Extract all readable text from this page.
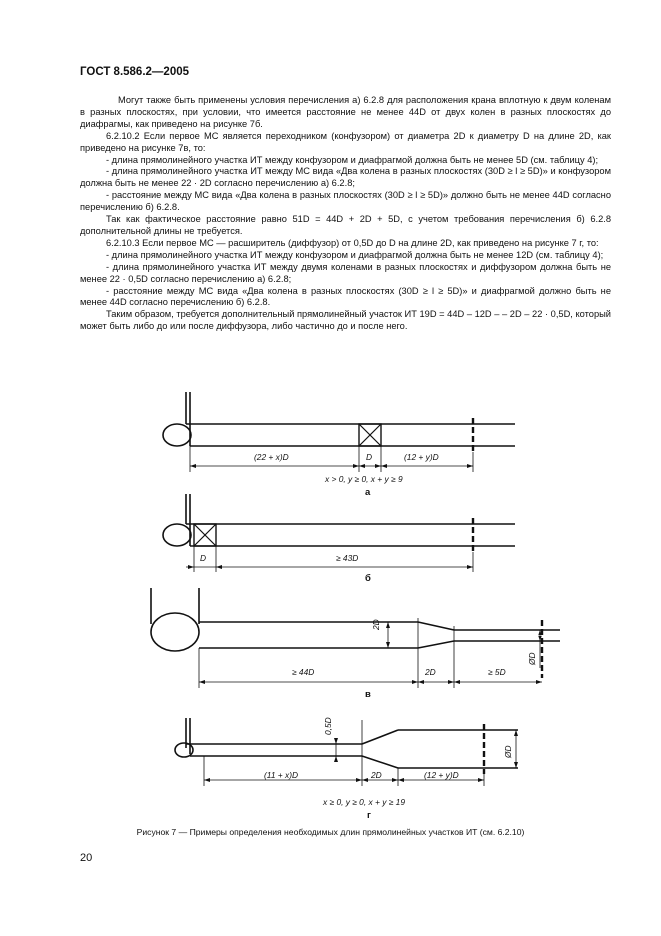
ГОСТ 8.586.2—2005

Могут также быть применены условия перечисления а) 6.2.8 для расположения крана вплотную к двум коленам в разных плоскостях, при условии, что имеется расстояние не менее 44D от двух колен в разных плоскостях до диафрагмы, как приведено на рисунке 7б.

6.2.10.2 Если первое МС является переходником (конфузором) от диаметра 2D к диаметру D на длине 2D, как приведено на рисунке 7в, то:

- длина прямолинейного участка ИТ между конфузором и диафрагмой должна быть не менее 5D (см. таблицу 4);

- длина прямолинейного участка ИТ между МС вида «Два колена в разных плоскостях (30D ≥ l ≥ 5D)» и конфузором должна быть не менее 22 · 2D согласно перечислению а) 6.2.8;

- расстояние между МС вида «Два колена в разных плоскостях (30D ≥ l ≥ 5D)» должно быть не менее 44D согласно перечислению б) 6.2.8.

Так как фактическое расстояние равно 51D = 44D + 2D + 5D, с учетом требования перечисления б) 6.2.8 дополнительной длины не требуется.

6.2.10.3 Если первое МС — расширитель (диффузор) от 0,5D до D на длине 2D, как приведено на рисунке 7 г, то:

- длина прямолинейного участка ИТ между конфузором и диафрагмой должна быть не менее 12D (см. таблицу 4);

- длина прямолинейного участка ИТ между двумя коленами в разных плоскостях и диффузором должна быть не менее 22 · 0,5D согласно перечислению а) 6.2.8;

- расстояние между МС вида «Два колена в разных плоскостях (30D ≥ l ≥ 5D)» и диафрагмой должно быть не менее 44D согласно перечислению б) 6.2.8.

Таким образом, требуется дополнительный прямолинейный участок ИТ 19D = 44D – 12D – – 2D – 22 · 0,5D, который может быть либо до или после диффузора, либо частично до и после него.

(22 + x)D	D	(12 + y)D
x > 0, y ≥ 0, x + y ≥ 9
а
D	≥ 43D
б
≥ 44D	2D	≥ 5D
2D
ØD
в
(11 + x)D	2D	(12 + y)D
0,5D
ØD
x ≥ 0, y ≥ 0, x + y ≥ 19
г
Рисунок 7 — Примеры определения необходимых длин прямолинейных участков ИТ (см. 6.2.10)
20
